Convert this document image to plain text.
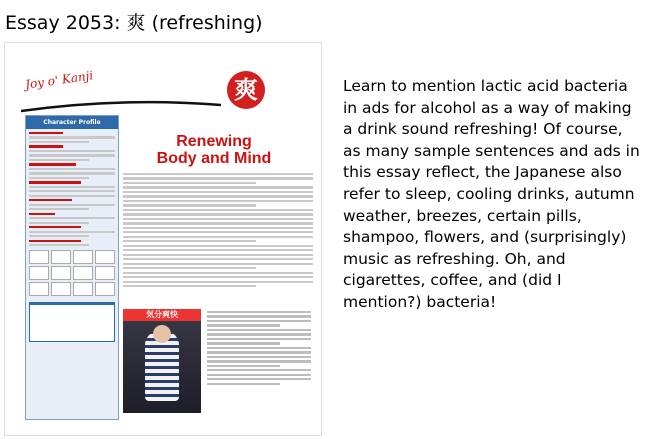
Essay 2053: 爽 (refreshing)
Joy o' Kanji	爽
Character Profile
Renewing
Body and Mind
気分爽快
Learn to mention lactic acid bacteria in ads for alcohol as a way of making a drink sound refreshing! Of course, as many sample sentences and ads in this essay reflect, the Japanese also refer to sleep, cooling drinks, autumn weather, breezes, certain pills, shampoo, flowers, and (surprisingly) music as refreshing. Oh, and cigarettes, coffee, and (did I mention?) bacteria!
